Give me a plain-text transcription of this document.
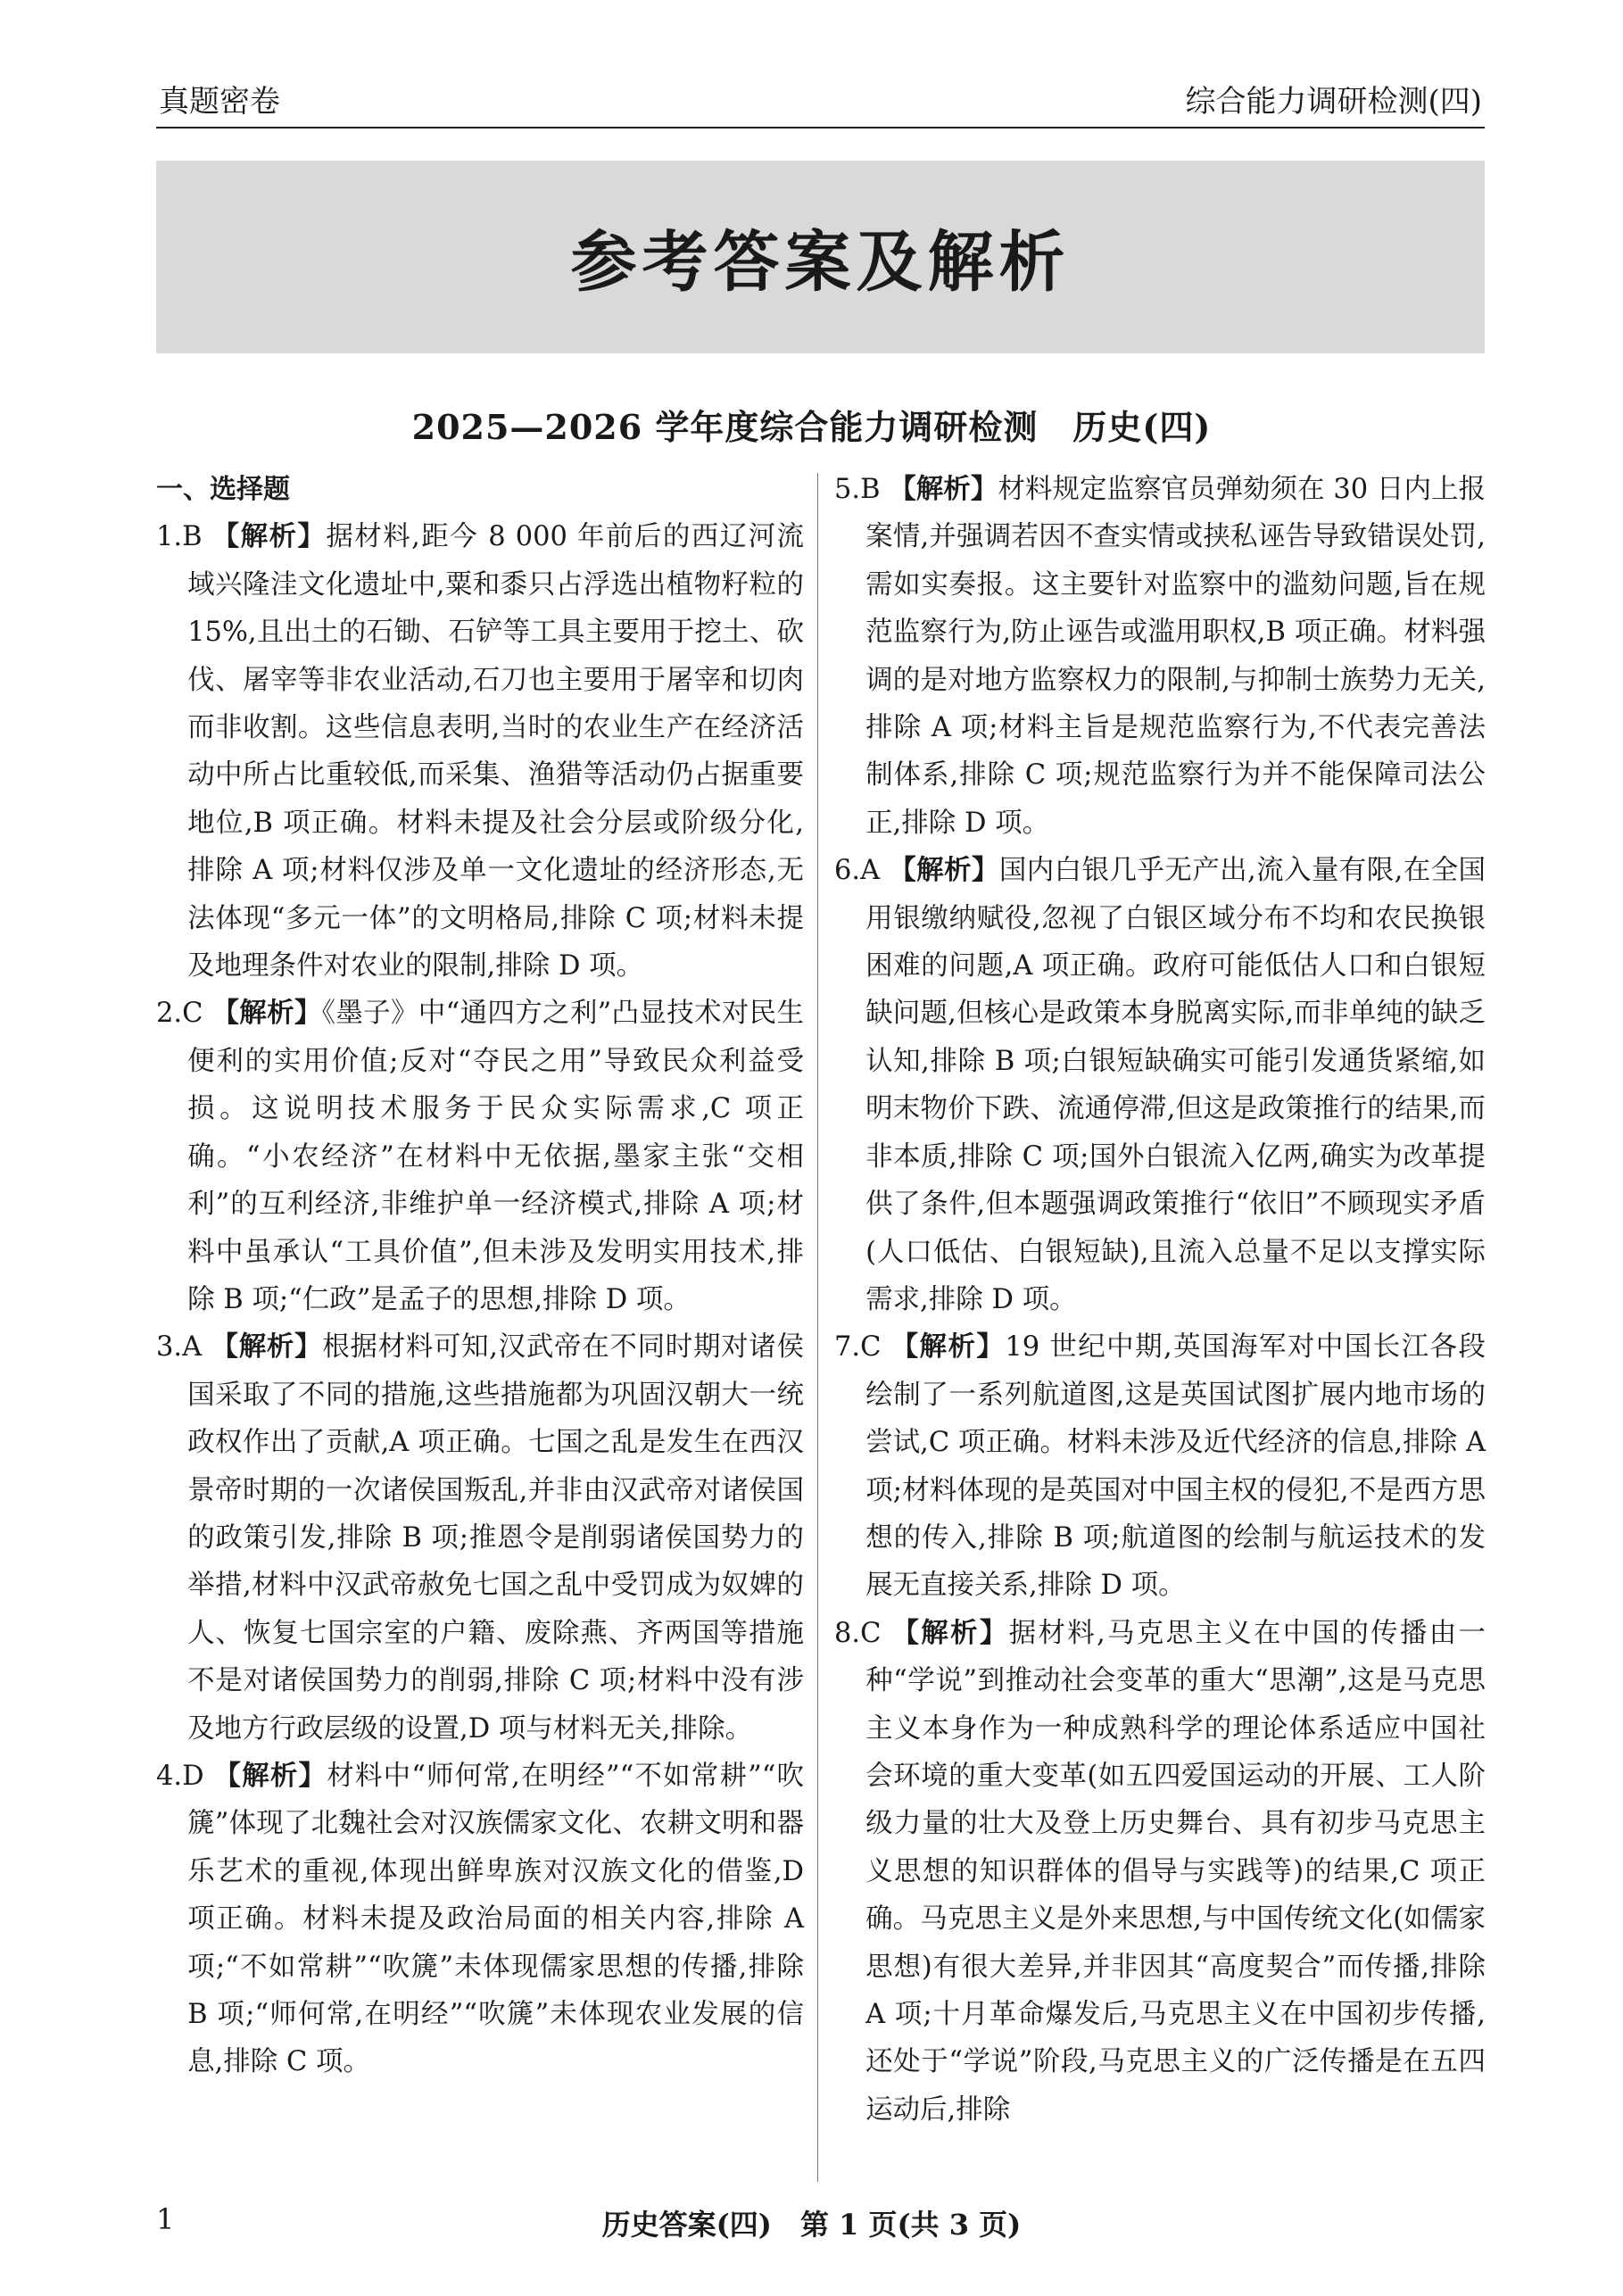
真题密卷	综合能力调研检测(四)
参考答案及解析
2025—2026 学年度综合能力调研检测　历史(四)
一、选择题
1.B 【解析】据材料,距今 8 000 年前后的西辽河流域兴隆洼文化遗址中,粟和黍只占浮选出植物籽粒的 15%,且出土的石锄、石铲等工具主要用于挖土、砍伐、屠宰等非农业活动,石刀也主要用于屠宰和切肉而非收割。这些信息表明,当时的农业生产在经济活动中所占比重较低,而采集、渔猎等活动仍占据重要地位,B 项正确。材料未提及社会分层或阶级分化,排除 A 项;材料仅涉及单一文化遗址的经济形态,无法体现“多元一体”的文明格局,排除 C 项;材料未提及地理条件对农业的限制,排除 D 项。
2.C 【解析】《墨子》中“通四方之利”凸显技术对民生便利的实用价值;反对“夺民之用”导致民众利益受损。这说明技术服务于民众实际需求,C 项正确。“小农经济”在材料中无依据,墨家主张“交相利”的互利经济,非维护单一经济模式,排除 A 项;材料中虽承认“工具价值”,但未涉及发明实用技术,排除 B 项;“仁政”是孟子的思想,排除 D 项。
3.A 【解析】根据材料可知,汉武帝在不同时期对诸侯国采取了不同的措施,这些措施都为巩固汉朝大一统政权作出了贡献,A 项正确。七国之乱是发生在西汉景帝时期的一次诸侯国叛乱,并非由汉武帝对诸侯国的政策引发,排除 B 项;推恩令是削弱诸侯国势力的举措,材料中汉武帝赦免七国之乱中受罚成为奴婢的人、恢复七国宗室的户籍、废除燕、齐两国等措施不是对诸侯国势力的削弱,排除 C 项;材料中没有涉及地方行政层级的设置,D 项与材料无关,排除。
4.D 【解析】材料中“师何常,在明经”“不如常耕”“吹篪”体现了北魏社会对汉族儒家文化、农耕文明和器乐艺术的重视,体现出鲜卑族对汉族文化的借鉴,D 项正确。材料未提及政治局面的相关内容,排除 A 项;“不如常耕”“吹篪”未体现儒家思想的传播,排除 B 项;“师何常,在明经”“吹篪”未体现农业发展的信息,排除 C 项。
5.B 【解析】材料规定监察官员弹劾须在 30 日内上报案情,并强调若因不查实情或挟私诬告导致错误处罚,需如实奏报。这主要针对监察中的滥劾问题,旨在规范监察行为,防止诬告或滥用职权,B 项正确。材料强调的是对地方监察权力的限制,与抑制士族势力无关,排除 A 项;材料主旨是规范监察行为,不代表完善法制体系,排除 C 项;规范监察行为并不能保障司法公正,排除 D 项。
6.A 【解析】国内白银几乎无产出,流入量有限,在全国用银缴纳赋役,忽视了白银区域分布不均和农民换银困难的问题,A 项正确。政府可能低估人口和白银短缺问题,但核心是政策本身脱离实际,而非单纯的缺乏认知,排除 B 项;白银短缺确实可能引发通货紧缩,如明末物价下跌、流通停滞,但这是政策推行的结果,而非本质,排除 C 项;国外白银流入亿两,确实为改革提供了条件,但本题强调政策推行“依旧”不顾现实矛盾(人口低估、白银短缺),且流入总量不足以支撑实际需求,排除 D 项。
7.C 【解析】19 世纪中期,英国海军对中国长江各段绘制了一系列航道图,这是英国试图扩展内地市场的尝试,C 项正确。材料未涉及近代经济的信息,排除 A 项;材料体现的是英国对中国主权的侵犯,不是西方思想的传入,排除 B 项;航道图的绘制与航运技术的发展无直接关系,排除 D 项。
8.C 【解析】据材料,马克思主义在中国的传播由一种“学说”到推动社会变革的重大“思潮”,这是马克思主义本身作为一种成熟科学的理论体系适应中国社会环境的重大变革(如五四爱国运动的开展、工人阶级力量的壮大及登上历史舞台、具有初步马克思主义思想的知识群体的倡导与实践等)的结果,C 项正确。马克思主义是外来思想,与中国传统文化(如儒家思想)有很大差异,并非因其“高度契合”而传播,排除 A 项;十月革命爆发后,马克思主义在中国初步传播,还处于“学说”阶段,马克思主义的广泛传播是在五四运动后,排除
1	历史答案(四)　第 1 页(共 3 页)
